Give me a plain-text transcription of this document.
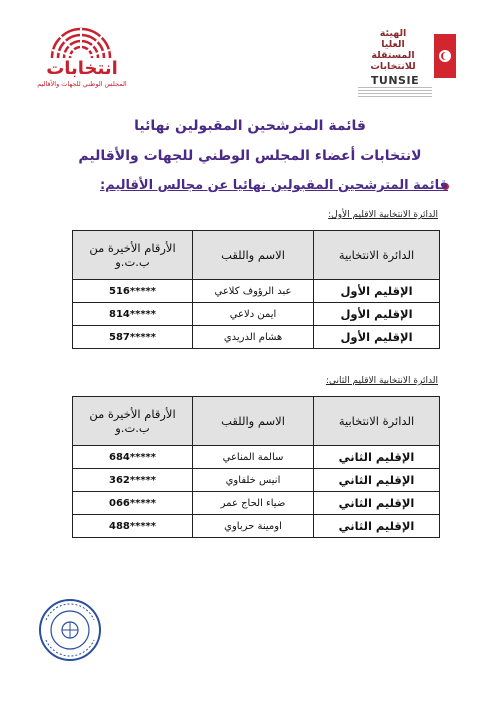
انتخابات
المجلس الوطني للجهات والأقاليم
الهيئة
العليا
المستقلة
للانتخابات
TUNSIE
قائمة المترشحين المقبولين نهائيا
لانتخابات أعضاء المجلس الوطني للجهات والأقاليم
قائمة المترشحين المقبولين نهائيا عن مجالس الأقاليم:
الدائرة الانتخابية الاقليم الأول:
الدائرة الانتخابية	الاسم واللقب	الأرقام الأخيرة من ب.ت.و
الإقليم الأول	عبد الرؤوف كلاعي	516*****
الإقليم الأول	ايمن دلاعي	814*****
الإقليم الأول	هشام الدريدي	587*****
الدائرة الانتخابية الاقليم الثاني:
الدائرة الانتخابية	الاسم واللقب	الأرقام الأخيرة من ب.ت.و
الإقليم الثاني	سالمة المناعي	684*****
الإقليم الثاني	انيس خلفاوي	362*****
الإقليم الثاني	ضياء الحاج عمر	066*****
الإقليم الثاني	اومينة حرباوي	488*****
